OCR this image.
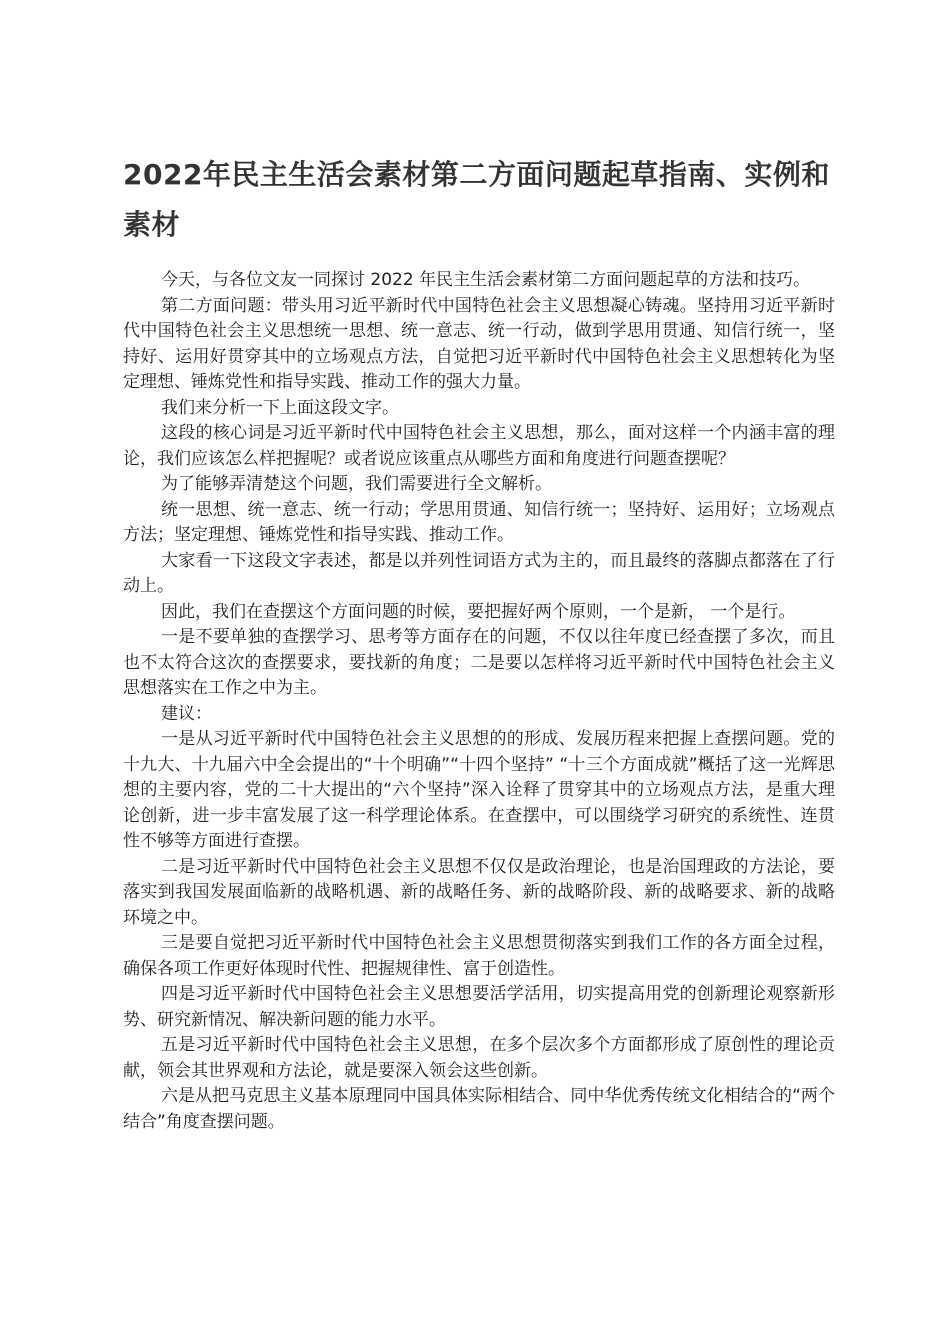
2022年民主生活会素材第二方面问题起草指南、实例和素材

今天，与各位文友一同探讨 2022 年民主生活会素材第二方面问题起草的方法和技巧。

第二方面问题：带头用习近平新时代中国特色社会主义思想凝心铸魂。坚持用习近平新时代中国特色社会主义思想统一思想、统一意志、统一行动，做到学思用贯通、知信行统一，坚持好、运用好贯穿其中的立场观点方法，自觉把习近平新时代中国特色社会主义思想转化为坚定理想、锤炼党性和指导实践、推动工作的强大力量。

我们来分析一下上面这段文字。

这段的核心词是习近平新时代中国特色社会主义思想，那么，面对这样一个内涵丰富的理论，我们应该怎么样把握呢？或者说应该重点从哪些方面和角度进行问题查摆呢？

为了能够弄清楚这个问题，我们需要进行全文解析。

统一思想、统一意志、统一行动；学思用贯通、知信行统一；坚持好、运用好；立场观点方法；坚定理想、锤炼党性和指导实践、推动工作。

大家看一下这段文字表述，都是以并列性词语方式为主的，而且最终的落脚点都落在了行动上。

因此，我们在查摆这个方面问题的时候，要把握好两个原则，一个是新， 一个是行。

一是不要单独的查摆学习、思考等方面存在的问题，不仅以往年度已经查摆了多次，而且也不太符合这次的查摆要求，要找新的角度；二是要以怎样将习近平新时代中国特色社会主义思想落实在工作之中为主。

建议：

一是从习近平新时代中国特色社会主义思想的的形成、发展历程来把握上查摆问题。党的十九大、十九届六中全会提出的“十个明确”“十四个坚持” “十三个方面成就”概括了这一光辉思想的主要内容，党的二十大提出的“六个坚持”深入诠释了贯穿其中的立场观点方法，是重大理论创新，进一步丰富发展了这一科学理论体系。在查摆中，可以围绕学习研究的系统性、连贯性不够等方面进行查摆。

二是习近平新时代中国特色社会主义思想不仅仅是政治理论，也是治国理政的方法论，要落实到我国发展面临新的战略机遇、新的战略任务、新的战略阶段、新的战略要求、新的战略环境之中。

三是要自觉把习近平新时代中国特色社会主义思想贯彻落实到我们工作的各方面全过程，确保各项工作更好体现时代性、把握规律性、富于创造性。

四是习近平新时代中国特色社会主义思想要活学活用，切实提高用党的创新理论观察新形势、研究新情况、解决新问题的能力水平。

五是习近平新时代中国特色社会主义思想，在多个层次多个方面都形成了原创性的理论贡献，领会其世界观和方法论，就是要深入领会这些创新。

六是从把马克思主义基本原理同中国具体实际相结合、同中华优秀传统文化相结合的“两个结合”角度查摆问题。
